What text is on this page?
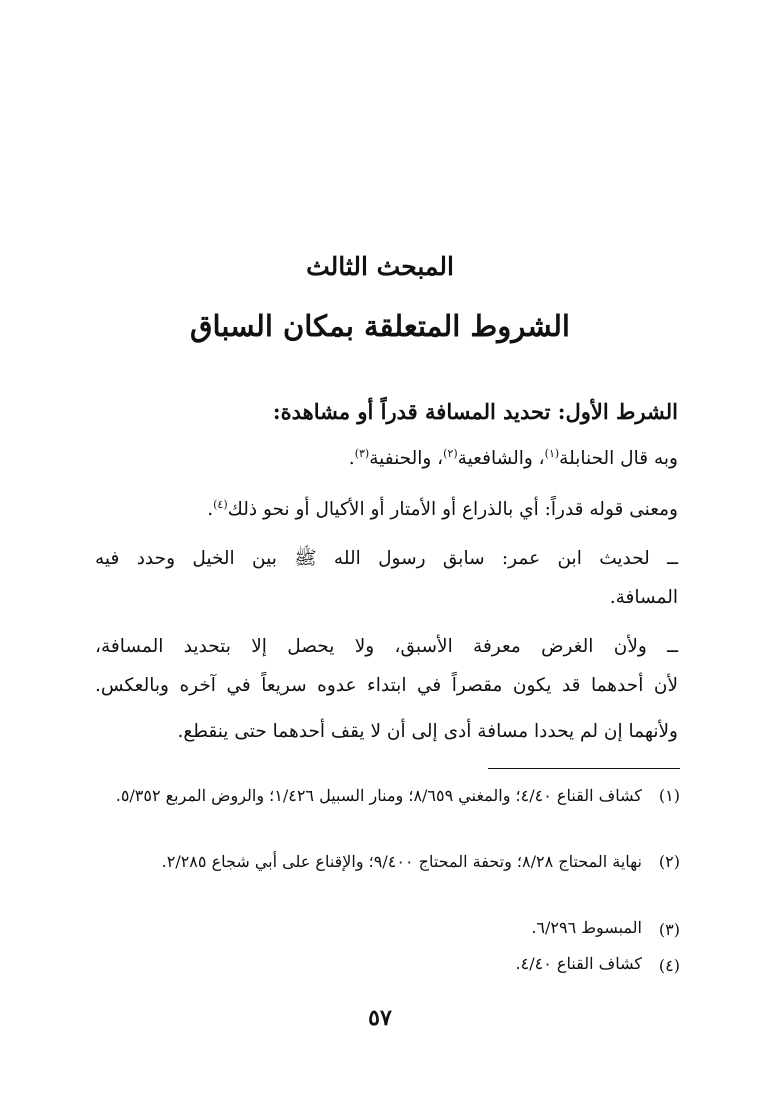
المبحث الثالث
الشروط المتعلقة بمكان السباق
الشرط الأول: تحديد المسافة قدراً أو مشاهدة:
وبه قال الحنابلة$^{(١)}$، والشافعية$^{(٢)}$، والحنفية$^{(٣)}$.
ومعنى قوله قدراً: أي بالذراع أو الأمتار أو الأكيال أو نحو ذلك$^{(٤)}$.
ــ لحديث ابن عمر: سابق رسول الله ﷺ بين الخيل وحدد فيه
المسافة.
ــ ولأن الغرض معرفة الأسبق، ولا يحصل إلا بتحديد المسافة،
لأن أحدهما قد يكون مقصراً في ابتداء عدوه سريعاً في آخره وبالعكس.
ولأنهما إن لم يحددا مسافة أدى إلى أن لا يقف أحدهما حتى ينقطع.
(١)
كشاف القناع ٤/٤٠؛ والمغني ٨/٦٥٩؛ ومنار السبيل ١/٤٢٦؛ والروض المربع ٥/٣٥٢.
(٢)
نهاية المحتاج ٨/٢٨؛ وتحفة المحتاج ٩/٤٠٠؛ والإقناع على أبي شجاع ٢/٢٨٥.
(٣)
المبسوط ٦/٢٩٦.
(٤)
كشاف القناع ٤/٤٠.
٥٧
